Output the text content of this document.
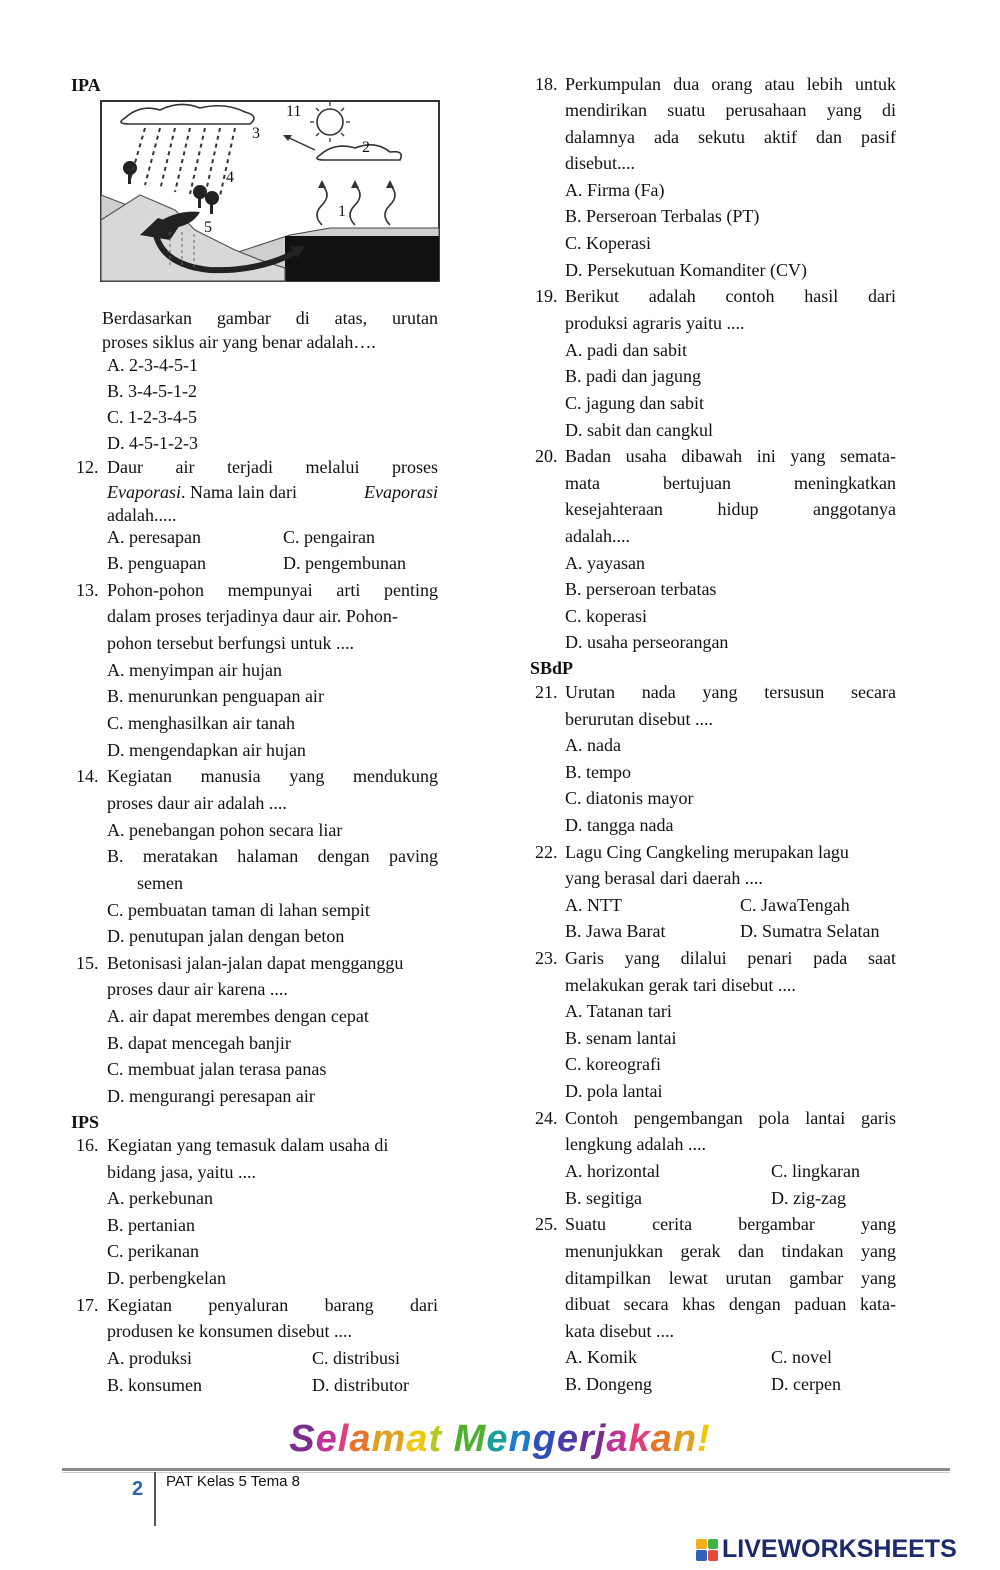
IPA
11
3
2
4
1
5
Berdasarkan gambar di atas, urutan
proses siklus air yang benar adalah….
A. 2-3-4-5-1
B. 3-4-5-1-2
C. 1-2-3-4-5
D. 4-5-1-2-3
12. Daur air terjadi melalui proses
Evaporasi. Nama lain dari	Evaporasi
adalah.....
A. peresapan	C. pengairan
B. penguapan	D. pengembunan
13. Pohon-pohon mempunyai arti penting
dalam proses terjadinya daur air. Pohon-
pohon tersebut berfungsi untuk ....
A. menyimpan air hujan
B. menurunkan penguapan air
C. menghasilkan air tanah
D. mengendapkan air hujan
14. Kegiatan manusia yang mendukung
proses daur air adalah ....
A. penebangan pohon secara liar
B. meratakan halaman dengan paving
semen
C. pembuatan taman di lahan sempit
D. penutupan jalan dengan beton
15. Betonisasi jalan-jalan dapat mengganggu
proses daur air karena ....
A. air dapat merembes dengan cepat
B. dapat mencegah banjir
C. membuat jalan terasa panas
D. mengurangi peresapan air
IPS
16. Kegiatan yang temasuk dalam usaha di
bidang jasa, yaitu ....
A. perkebunan
B. pertanian
C. perikanan
D. perbengkelan
17. Kegiatan penyaluran barang dari
produsen ke konsumen disebut ....
A. produksi	C. distribusi
B. konsumen	D. distributor
18. Perkumpulan dua orang atau lebih untuk
mendirikan suatu perusahaan yang di
dalamnya ada sekutu aktif dan pasif
disebut....
A. Firma (Fa)
B. Perseroan Terbalas (PT)
C. Koperasi
D. Persekutuan Komanditer (CV)
19. Berikut adalah contoh hasil dari
produksi agraris yaitu ....
A. padi dan sabit
B. padi dan jagung
C. jagung dan sabit
D. sabit dan cangkul
20. Badan usaha dibawah ini yang semata-
mata bertujuan meningkatkan
kesejahteraan hidup anggotanya
adalah....
A. yayasan
B. perseroan terbatas
C. koperasi
D. usaha perseorangan
SBdP
21. Urutan nada yang tersusun secara
berurutan disebut ....
A. nada
B. tempo
C. diatonis mayor
D. tangga nada
22. Lagu Cing Cangkeling merupakan lagu
yang berasal dari daerah ....
A. NTT	C. JawaTengah
B. Jawa Barat	D. Sumatra Selatan
23. Garis yang dilalui penari pada saat
melakukan gerak tari disebut ....
A. Tatanan tari
B. senam lantai
C. koreografi
D. pola lantai
24. Contoh pengembangan pola lantai garis
lengkung adalah ....
A. horizontal	C. lingkaran
B. segitiga	D. zig-zag
25. Suatu cerita bergambar yang
menunjukkan gerak dan tindakan yang
ditampilkan lewat urutan gambar yang
dibuat secara khas dengan paduan kata-
kata disebut ....
A. Komik	C. novel
B. Dongeng	D. cerpen
Selamat Mengerjakan!
2 PAT Kelas 5 Tema 8
LIVEWORKSHEETS
